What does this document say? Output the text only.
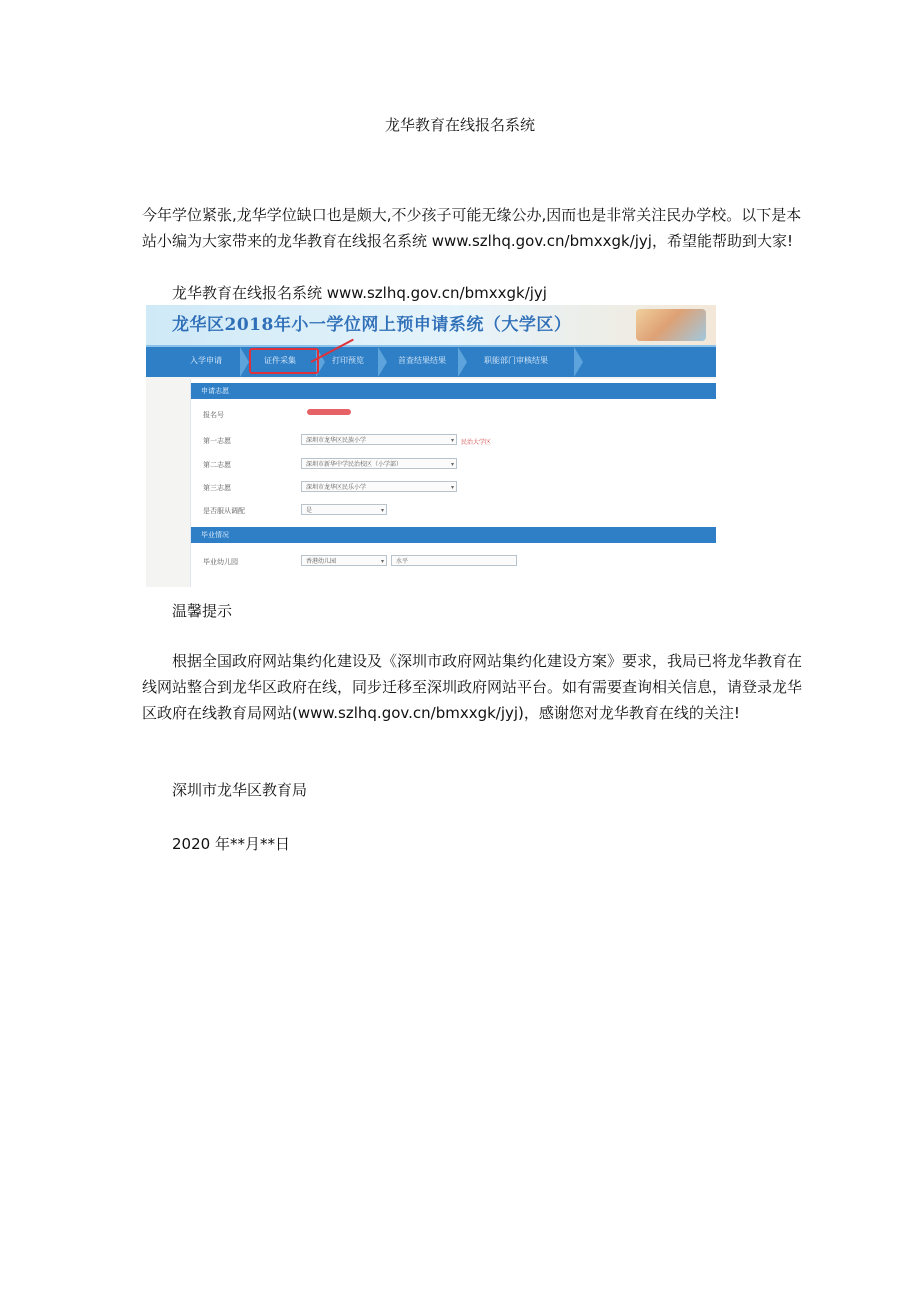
龙华教育在线报名系统
今年学位紧张,龙华学位缺口也是颇大,不少孩子可能无缘公办,因而也是非常关注民办学校。以下是本站小编为大家带来的龙华教育在线报名系统 www.szlhq.gov.cn/bmxxgk/jyj，希望能帮助到大家!
龙华教育在线报名系统 www.szlhq.gov.cn/bmxxgk/jyj
龙华区2018年小一学位网上预申请系统（大学区）
入学申请	证件采集	打印预览	首查结果结果	职能部门审核结果
申请志愿
报名号
第一志愿	深圳市龙华区民族小学	▾ 民治大学区
第二志愿	深圳市新华中学民治校区（小学部）	▾
第三志愿	深圳市龙华区民乐小学	▾
是否服从调配	是	▾
毕业情况
毕业幼儿园	香港幼儿园	▾	水平
温馨提示
根据全国政府网站集约化建设及《深圳市政府网站集约化建设方案》要求，我局已将龙华教育在线网站整合到龙华区政府在线，同步迁移至深圳政府网站平台。如有需要查询相关信息，请登录龙华区政府在线教育局网站(www.szlhq.gov.cn/bmxxgk/jyj)，感谢您对龙华教育在线的关注!
深圳市龙华区教育局
2020 年**月**日
